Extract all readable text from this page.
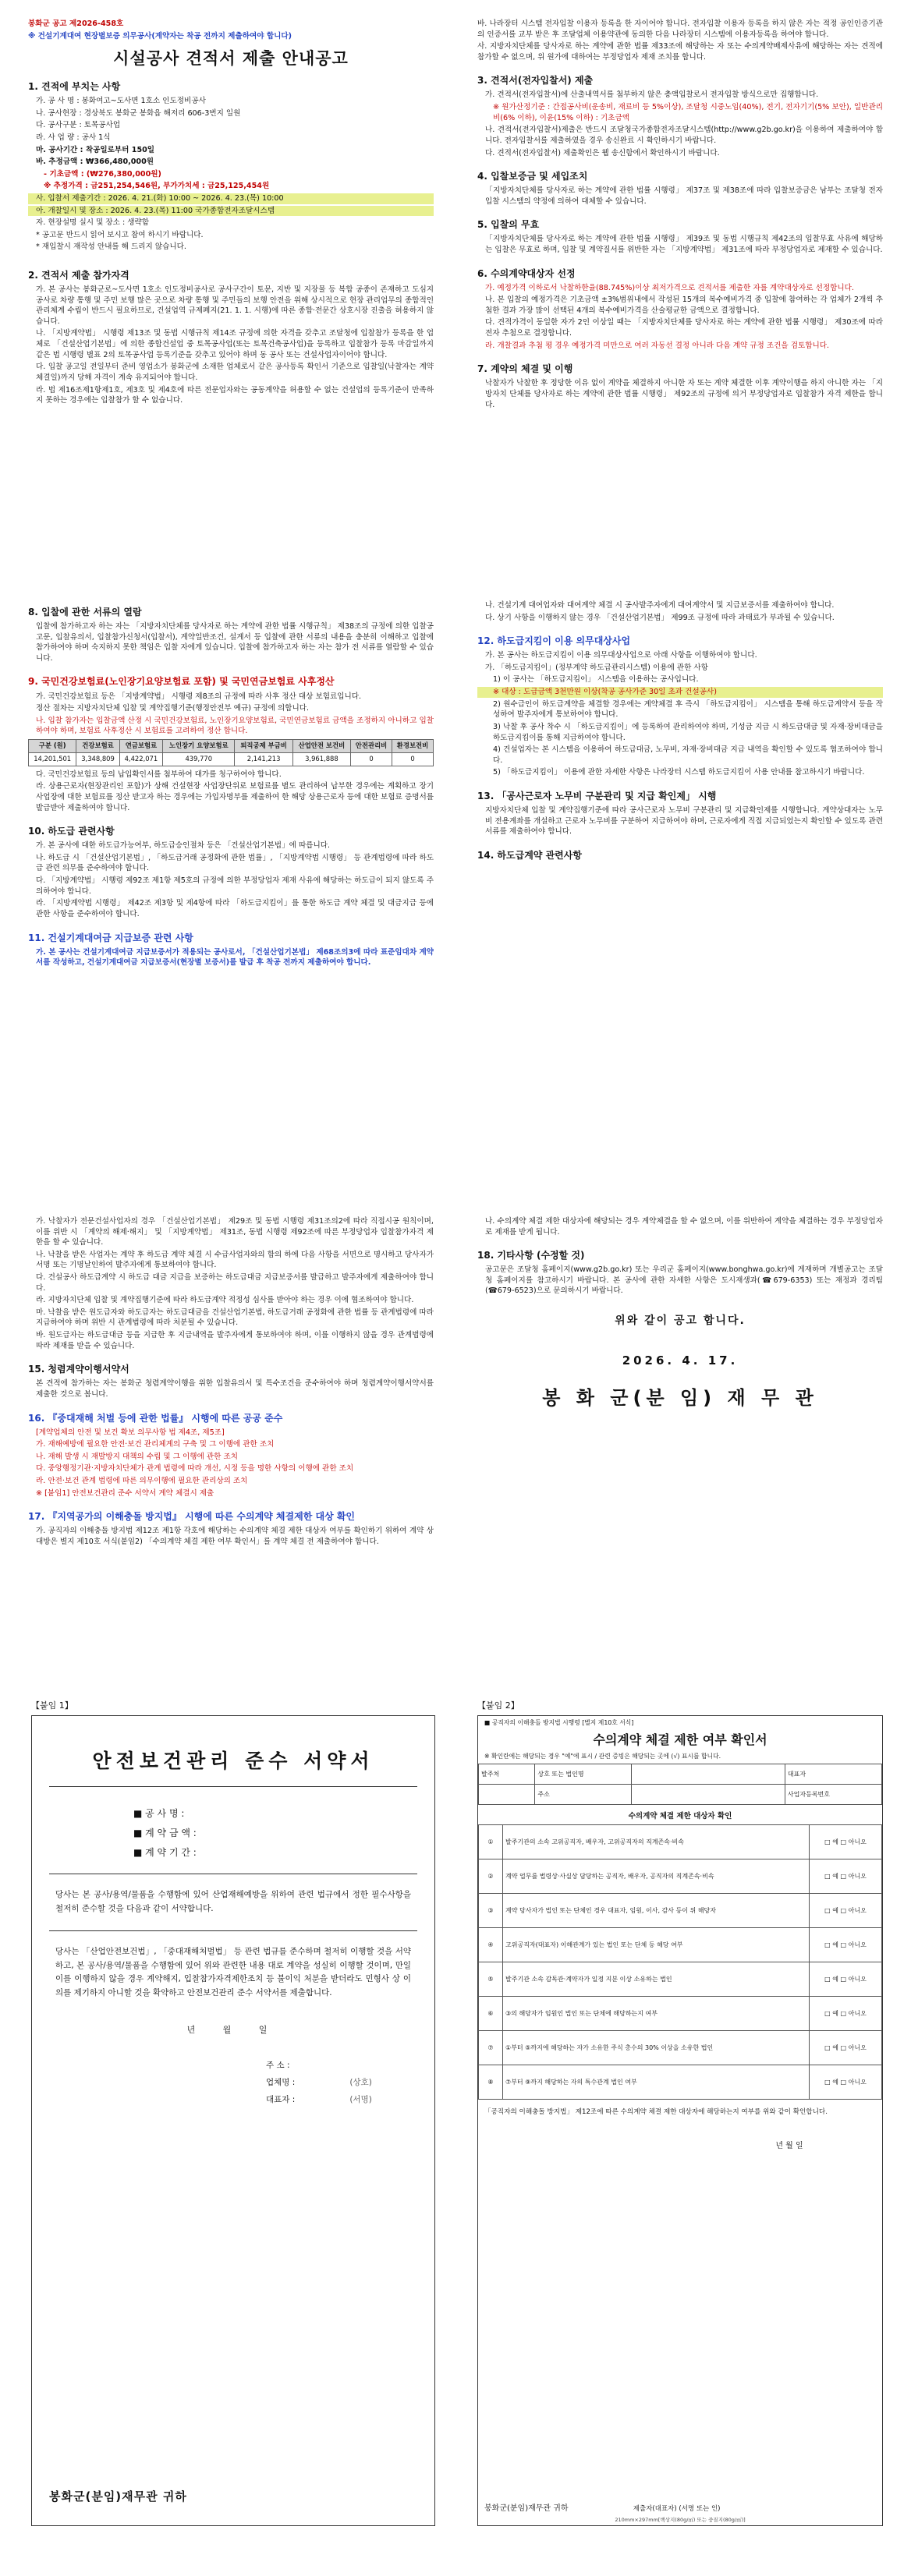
봉화군 공고 제2026-458호

※ 건설기계대여 현장별보증 의무공사(계약자는 착공 전까지 제출하여야 합니다)

시설공사 견적서 제출 안내공고
1. 견적에 부치는 사항

가. 공 사 명 : 봉화여고~도사면 1호소 인도정비공사

나. 공사현장 : 경상북도 봉화군 봉화읍 해저리 606-3번지 일원

다. 공사구분 : 토목공사업

라. 사 업 량 : 공사 1식

마. 공사기간 : 착공일로부터 150일

바. 추정금액 : ₩366,480,000원

- 기초금액 : (₩276,380,000원)

※ 추정가격 : 금251,254,546원, 부가가치세 : 금25,125,454원

사. 입찰서 제출기간 : 2026. 4. 21.(화) 10:00 ~ 2026. 4. 23.(목) 10:00

아. 개찰일시 및 장소 : 2026. 4. 23.(목) 11:00 국가종합전자조달시스템

자. 현장설명 실시 및 장소 : 생략함

* 공고문 반드시 읽어 보시고 참여 하시기 바랍니다.

* 재입찰시 재작성 안내를 해 드리지 않습니다.

2. 견적서 제출 참가자격

가. 본 공사는 봉화군로~도사면 1호소 인도정비공사로 공사구간이 토문, 지반 및 지장물 등 복합 공종이 존재하고 도심지 공사로 차량 통행 및 주민 보행 많은 곳으로 차량 통행 및 주민들의 보행 안전을 위해 상시적으로 현장 관리업무의 종합적인 관리체계 수립이 반드시 필요하므로, 건설업역 규제폐지(21. 1. 1. 시행)에 따른 종합·전문간 상호시장 진출을 허용하지 않습니다.

나. 「지방계약법」 시행령 제13조 및 동법 시행규칙 제14조 규정에 의한 자격을 갖추고 조달청에 입찰참가 등록을 한 업체로 「건설산업기본법」에 의한 종합건설업 중 토목공사업(또는 토목건축공사업)을 등록하고 입찰참가 등록 마감일까지 같은 법 시행령 별표 2의 토목공사업 등록기준을 갖추고 있어야 하며 동 공사 또는 건설사업자이어야 합니다.

다. 입찰 공고일 전일부터 준비 영업소가 봉화군에 소재한 업체로서 같은 공사등록 확인서 기준으로 입찰일(낙찰자는 계약체결일)까지 당해 자격이 계속 유지되어야 합니다.

라. 법 제16조제1항제1호, 제3호 및 제4호에 따른 전문업자와는 공동계약을 허용할 수 없는 건설업의 등록기준이 만족하지 못하는 경우에는 입찰참가 할 수 없습니다.

바. 나라장터 시스템 전자입찰 이용자 등록을 한 자이어야 합니다. 전자입찰 이용자 등록을 하지 않은 자는 적정 공인인증기관의 인증서를 교부 받은 후 조달업체 이용약관에 동의한 다음 나라장터 시스템에 이용자등록을 하여야 합니다.

사. 지방자치단체를 당사자로 하는 계약에 관한 법률 제33조에 해당하는 자 또는 수의계약배제사유에 해당하는 자는 견적에 참가할 수 없으며, 위 원가에 대하여는 부정당업자 제재 조치를 합니다.

3. 견적서(전자입찰서) 제출

가. 견적서(전자입찰서)에 산출내역서를 첨부하지 않은 총액입찰로서 전자입찰 방식으로만 집행합니다.

※ 원가산정기준 : 간접공사비(운송비, 재료비 등 5%이상), 조달청 시중노임(40%), 전기, 전자기기(5% 보안), 일반관리비(6% 이하), 이윤(15% 이하) : 기초금액

나. 견적서(전자입찰서)제출은 반드시 조달청국가종합전자조달시스템(http://www.g2b.go.kr)을 이용하여 제출하여야 합니다. 전자입찰서를 제출하였을 경우 송신완료 시 확인하시기 바랍니다.

다. 견적서(전자입찰서) 제출확인은 웹 송신함에서 확인하시기 바랍니다.

4. 입찰보증금 및 세입조치

「지방자치단체를 당사자로 하는 계약에 관한 법률 시행령」 제37조 및 제38조에 따라 입찰보증금은 남부는 조달청 전자입찰 시스템의 약정에 의하여 대체할 수 있습니다.

5. 입찰의 무효

「지방자치단체를 당사자로 하는 계약에 관한 법률 시행령」 제39조 및 동법 시행규칙 제42조의 입찰무효 사유에 해당하는 입찰은 무효로 하며, 입찰 및 계약질서를 위반한 자는 「지방계약법」 제31조에 따라 부정당업자로 제재할 수 있습니다.

6. 수의계약대상자 선정

가. 예정가격 이하로서 낙찰하한율(88.745%)이상 최저가격으로 견적서를 제출한 자를 계약대상자로 선정합니다.

나. 본 입찰의 예정가격은 기초금액 ±3%범위내에서 작성된 15개의 복수예비가격 중 입찰에 참여하는 각 업체가 2개씩 추첨한 결과 가장 많이 선택된 4개의 복수예비가격을 산술평균한 금액으로 결정합니다.

다. 견적가격이 동일한 자가 2인 이상일 때는 「지방자치단체를 당사자로 하는 계약에 관한 법률 시행령」 제30조에 따라 전자 추첨으로 결정합니다.

라. 개찰결과 추첨 평 경우 예정가격 미만으로 여러 자동선 결정 아니라 다음 계약 규정 조건을 검토합니다.

7. 계약의 체결 및 이행

낙찰자가 낙찰한 후 정당한 이유 없이 계약을 체결하지 아니한 자 또는 계약 체결한 이후 계약이행을 하지 아니한 자는 「지방자치 단체를 당사자로 하는 계약에 관한 법률 시행령」 제92조의 규정에 의거 부정당업자로 입찰참가 자격 제한을 합니다.

8. 입찰에 관한 서류의 열람

입찰에 참가하고자 하는 자는 「지방자치단체를 당사자로 하는 계약에 관한 법률 시행규칙」 제38조의 규정에 의한 입찰공고문, 입찰유의서, 입찰참가신청서(입찰서), 계약일반조건, 설계서 등 입찰에 관한 서류의 내용을 충분히 이해하고 입찰에 참가하여야 하며 숙지하지 못한 책임은 입찰 자에게 있습니다. 입찰에 참가하고자 하는 자는 참가 전 서류를 열람할 수 있습니다.

9. 국민건강보험료(노인장기요양보험료 포함) 및 국민연금보험료 사후정산

가. 국민건강보험료 등은 「지방계약법」 시행령 제8조의 규정에 따라 사후 정산 대상 보험료입니다.

정산 절차는 지방자치단체 입찰 및 계약집행기준(행정안전부 예규) 규정에 의합니다.

나. 입찰 참가자는 입찰금액 산정 시 국민건강보험료, 노인장기요양보험료, 국민연금보험료 금액을 조정하지 아니하고 입찰하여야 하며, 보험료 사후정산 시 보험료를 고려하여 정산 합니다.

구분 (원)	건강보험료	연금보험료	노인장기 요양보험료	퇴직공제 부금비	산업안전 보건비	안전관리비	환경보전비
14,201,501	3,348,809	4,422,071	439,770	2,141,213	3,961,888	0	0

다. 국민건강보험료 등의 납입확인서를 첨부하여 대가를 청구하여야 합니다.

라. 상용근로자(현장관리인 포함)가 상해 건설현장 사업장단위로 보험료를 별도 관리하여 납부한 경우에는 계획하고 장기 사업장에 대한 보험료를 정산 받고자 하는 경우에는 가입자명부를 제출하여 한 해당 상용근로자 등에 대한 보험료 증명서를 발급받아 제출하여야 합니다.

10. 하도급 관련사항

가. 본 공사에 대한 하도급가능여부, 하도급승인절차 등은 「건설산업기본법」에 따릅니다.

나. 하도급 시 「건설산업기본법」, 「하도급거래 공정화에 관한 법률」, 「지방계약법 시행령」 등 관계법령에 따라 하도급 관련 의무를 준수하여야 합니다.

다. 「지방계약법」 시행령 제92조 제1항 제5호의 규정에 의한 부정당업자 제재 사유에 해당하는 하도급이 되지 않도록 주의하여야 합니다.

라. 「지방계약법 시행령」 제42조 제3항 및 제4항에 따라 「하도급지킴이」를 통한 하도급 계약 체결 및 대금지급 등에 관한 사항을 준수하여야 합니다.

11. 건설기계대여금 지급보증 관련 사항

가. 본 공사는 건설기계대여금 지급보증서가 적용되는 공사로서, 「건설산업기본법」 제68조의3에 따라 표준임대차 계약서를 작성하고, 건설기계대여금 지급보증서(현장별 보증서)를 발급 후 착공 전까지 제출하여야 합니다.

나. 건설기계 대여업자와 대여계약 체결 시 공사발주자에게 대여계약서 및 지급보증서를 제출하여야 합니다.

다. 상기 사항을 이행하지 않는 경우 「건설산업기본법」 제99조 규정에 따라 과태료가 부과될 수 있습니다.

12. 하도급지킴이 이용 의무대상사업

가. 본 공사는 하도급지킴이 이용 의무대상사업으로 아래 사항을 이행하여야 합니다.

가. 「하도급지킴이」(정부계약 하도급관리시스템) 이용에 관한 사항

1) 이 공사는 「하도급지킴이」 시스템을 이용하는 공사입니다.

※ 대상 : 도급금액 3천만원 이상(착공 공사가준 30일 초과 건설공사)

2) 원수급인이 하도급계약을 체결할 경우에는 계약체결 후 즉시 「하도급지킴이」 시스템을 통해 하도급계약서 등을 작성하여 발주자에게 통보하여야 합니다.

3) 낙찰 후 공사 착수 시 「하도급지킴이」에 등록하여 관리하여야 하며, 기성금 지급 시 하도급대금 및 자재·장비대금을 하도급지킴이를 통해 지급하여야 합니다.

4) 건설업자는 본 시스템을 이용하여 하도급대금, 노무비, 자재·장비대금 지급 내역을 확인할 수 있도록 협조하여야 합니다.

5) 「하도급지킴이」 이용에 관한 자세한 사항은 나라장터 시스템 하도급지킴이 사용 안내를 참고하시기 바랍니다.

13. 「공사근로자 노무비 구분관리 및 지급 확인제」 시행

지방자치단체 입찰 및 계약집행기준에 따라 공사근로자 노무비 구분관리 및 지급확인제를 시행합니다. 계약상대자는 노무비 전용계좌를 개설하고 근로자 노무비를 구분하여 지급하여야 하며, 근로자에게 직접 지급되었는지 확인할 수 있도록 관련 서류를 제출하여야 합니다.

14. 하도급계약 관련사항

가. 낙찰자가 전문건설사업자의 경우 「건설산업기본법」 제29조 및 동법 시행령 제31조의2에 따라 직접시공 원칙이며, 이를 위반 시 「계약의 해제·해지」 및 「지방계약법」 제31조, 동법 시행령 제92조에 따른 부정당업자 입찰참가자격 제한을 할 수 있습니다.

나. 낙찰을 받은 사업자는 계약 후 하도급 계약 체결 시 수급사업자와의 합의 하에 다음 사항을 서면으로 명시하고 당사자가 서명 또는 기명날인하여 발주자에게 통보하여야 합니다.

다. 건설공사 하도급계약 시 하도급 대금 지급을 보증하는 하도급대금 지급보증서를 발급하고 발주자에게 제출하여야 합니다.

라. 지방자치단체 입찰 및 계약집행기준에 따라 하도급계약 적정성 심사를 받아야 하는 경우 이에 협조하여야 합니다.

마. 낙찰을 받은 원도급자와 하도급자는 하도급대금을 건설산업기본법, 하도급거래 공정화에 관한 법률 등 관계법령에 따라 지급하여야 하며 위반 시 관계법령에 따라 처분될 수 있습니다.

바. 원도급자는 하도급대금 등을 지급한 후 지급내역을 발주자에게 통보하여야 하며, 이를 이행하지 않을 경우 관계법령에 따라 제재를 받을 수 있습니다.

15. 청렴계약이행서약서

본 견적에 참가하는 자는 봉화군 청렴계약이행을 위한 입찰유의서 및 특수조건을 준수하여야 하며 청렴계약이행서약서를 제출한 것으로 봅니다.

16. 『중대재해 처벌 등에 관한 법률』 시행에 따른 공공 준수

[계약업체의 안전 및 보건 확보 의무사항 법 제4조, 제5조]

가. 재해예방에 필요한 안전·보건 관리체계의 구축 및 그 이행에 관한 조치

나. 재해 발생 시 재발방지 대책의 수립 및 그 이행에 관한 조치

다. 중앙행정기관·지방자치단체가 관계 법령에 따라 개선, 시정 등을 명한 사항의 이행에 관한 조치

라. 안전·보건 관계 법령에 따른 의무이행에 필요한 관리상의 조치

※ [붙임1] 안전보건관리 준수 서약서 계약 체결시 제출

17. 『지역공가의 이해충돌 방지법』 시행에 따른 수의계약 체결제한 대상 확인

가. 공직자의 이해충돌 방지법 제12조 제1항 각호에 해당하는 수의계약 체결 제한 대상자 여부를 확인하기 위하여 계약 상대방은 별지 제10호 서식(붙임2) 「수의계약 체결 제한 여부 확인서」를 계약 체결 전 제출하여야 합니다.

나. 수의계약 체결 제한 대상자에 해당되는 경우 계약체결을 할 수 없으며, 이를 위반하여 계약을 체결하는 경우 부정당업자로 제재를 받게 됩니다.

18. 기타사항 (수정할 것)

공고문은 조달청 홈페이지(www.g2b.go.kr) 또는 우리군 홈페이지(www.bonghwa.go.kr)에 게재하며 개별공고는 조달청 홈페이지를 참고하시기 바랍니다. 본 공사에 관한 자세한 사항은 도시재생과(☎679-6353) 또는 재정과 경리팀(☎679-6523)으로 문의하시기 바랍니다.

위와 같이 공고 합니다.
2026. 4. 17.
봉 화 군(분 임) 재 무 관
【붙임 1】
안전보건관리 준수 서약서
■ 공 사 명 :
■ 계 약 금 액 :
■ 계 약 기 간 :

당사는 본 공사/용역/물품을 수행함에 있어 산업재해예방을 위하여 관련 법규에서 정한 필수사항을 철저히 준수할 것을 다음과 같이 서약합니다.

당사는 「산업안전보건법」, 「중대재해처벌법」 등 관련 법규를 준수하며 철저히 이행할 것을 서약하고, 본 공사/용역/물품을 수행함에 있어 위와 관련한 내용 대로 계약을 성실히 이행할 것이며, 만일 이를 이행하지 않을 경우 계약해지, 입찰참가자격제한조치 등 불이익 처분을 받더라도 민형사 상 이의를 제기하지 아니할 것을 확약하고 안전보건관리 준수 서약서를 제출합니다.

년 월 일
주 소 :
업체명 :	(상호)
대표자 :	(서명)
봉화군(분임)재무관 귀하
【붙임 2】
■ 공직자의 이해충돌 방지법 시행령 [별지 제10호 서식]
수의계약 체결 제한 여부 확인서
※ 확인란에는 해당되는 경우 "예"에 표시 / 관련 증빙은 해당되는 곳에 (√) 표시를 합니다.
발주처	상호 또는 법인명		대표자
	주소		사업자등록번호
수의계약 체결 제한 대상자 확인
①	발주기관의 소속 고위공직자, 배우자, 고위공직자의 직계존속·비속	□ 예 □ 아니오
②	계약 업무를 법령상·사실상 담당하는 공직자, 배우자, 공직자의 직계존속·비속	□ 예 □ 아니오
③	계약 당사자가 법인 또는 단체인 경우 대표자, 임원, 이사, 감사 등이 위 해당자	□ 예 □ 아니오
④	고위공직자(대표자) 이해관계가 있는 법인 또는 단체 등 해당 여부	□ 예 □ 아니오
⑤	발주기관 소속 감독관·계약자가 일정 지분 이상 소유하는 법인	□ 예 □ 아니오
⑥	③의 해당자가 임원인 법인 또는 단체에 해당하는지 여부	□ 예 □ 아니오
⑦	①부터 ⑤까지에 해당하는 자가 소유한 주식 총수의 30% 이상을 소유한 법인	□ 예 □ 아니오
⑧	⑦부터 ⑨까지 해당하는 자의 특수관계 법인 여부	□ 예 □ 아니오

「공직자의 이해충돌 방지법」 제12조에 따른 수의계약 체결 제한 대상자에 해당하는지 여부를 위와 같이 확인합니다.

년 월 일
봉화군(분임)재무관 귀하	제출자(대표자) (서명 또는 인)
210mm×297mm[백상지(80g/㎡) 또는 중질지(80g/㎡)]
